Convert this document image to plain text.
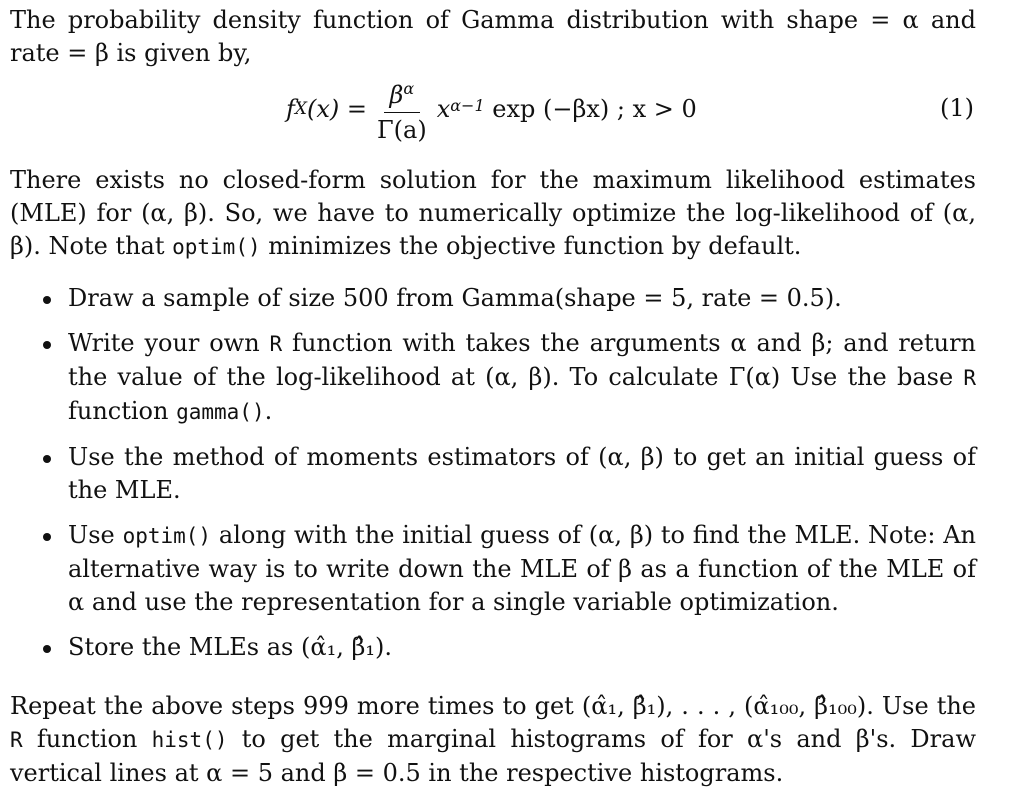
The probability density function of Gamma distribution with shape = α and rate = β is given by,

f X $(x) = \frac{\beta^\alpha}{\Gamma(a)} x^{\alpha-1}$ exp (−βx) ; x > 0	(1)

There exists no closed-form solution for the maximum likelihood estimates (MLE) for (α, β). So, we have to numerically optimize the log-likelihood of (α, β). Note that optim() minimizes the objective function by default.

Draw a sample of size 500 from Gamma(shape = 5, rate = 0.5).
Write your own R function with takes the arguments α and β; and return the value of the log-likelihood at (α, β). To calculate Γ(α) Use the base R function gamma().
Use the method of moments estimators of (α, β) to get an initial guess of the MLE.
Use optim() along with the initial guess of (α, β) to find the MLE. Note: An alternative way is to write down the MLE of β as a function of the MLE of α and use the representation for a single variable optimization.
Store the MLEs as (α̂₁, β̂₁).

Repeat the above steps 999 more times to get (α̂₁, β̂₁), . . . , (α̂₁₀₀, β̂₁₀₀). Use the R function hist() to get the marginal histograms of for α's and β's. Draw vertical lines at α = 5 and β = 0.5 in the respective histograms.
